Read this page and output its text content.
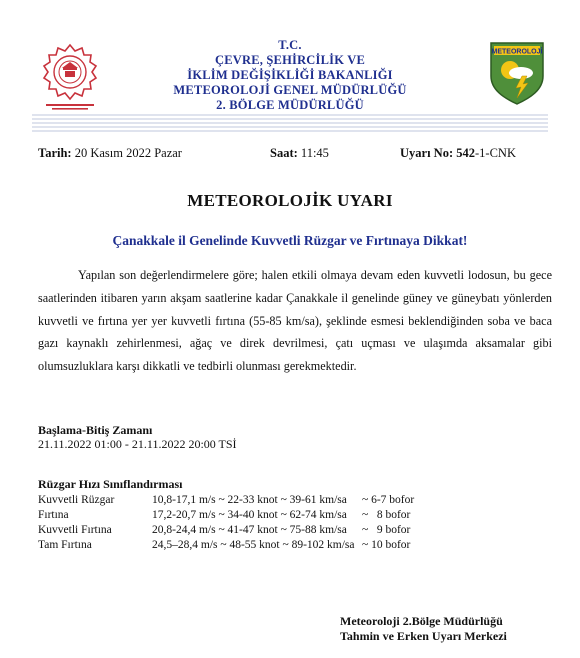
T.C.
ÇEVRE, ŞEHİRCİLİK VE
İKLİM DEĞİŞİKLİĞİ BAKANLIĞI
METEOROLOJİ GENEL MÜDÜRLÜĞÜ
2. BÖLGE MÜDÜRLÜĞÜ
METEOROLOJİ
Tarih: 20 Kasım 2022 Pazar	Saat: 11:45	Uyarı No: 542-1-CNK
METEOROLOJİK UYARI
Çanakkale il Genelinde Kuvvetli Rüzgar ve Fırtınaya Dikkat!
Yapılan son değerlendirmelere göre; halen etkili olmaya devam eden kuvvetli lodosun, bu gece saatlerinden itibaren yarın akşam saatlerine kadar Çanakkale il genelinde güney ve güneybatı yönlerden kuvvetli ve fırtına yer yer kuvvetli fırtına (55-85 km/sa), şeklinde esmesi beklendiğinden soba ve baca gazı kaynaklı zehirlenmesi, ağaç ve direk devrilmesi, çatı uçması ve ulaşımda aksamalar gibi olumsuzluklara karşı dikkatli ve tedbirli olunması gerekmektedir.
Başlama-Bitiş Zamanı
21.11.2022 01:00 - 21.11.2022 20:00 TSİ
Rüzgar Hızı Sınıflandırması
Kuvvetli Rüzgar	10,8-17,1 m/s ~ 22-33 knot ~ 39-61 km/sa	~ 6-7 bofor
Fırtına	17,2-20,7 m/s ~ 34-40 knot ~ 62-74 km/sa	~   8 bofor
Kuvvetli Fırtına	20,8-24,4 m/s ~ 41-47 knot ~ 75-88 km/sa	~   9 bofor
Tam Fırtına	24,5–28,4 m/s ~ 48-55 knot ~ 89-102 km/sa	~ 10 bofor
Meteoroloji 2.Bölge Müdürlüğü
Tahmin ve Erken Uyarı Merkezi
